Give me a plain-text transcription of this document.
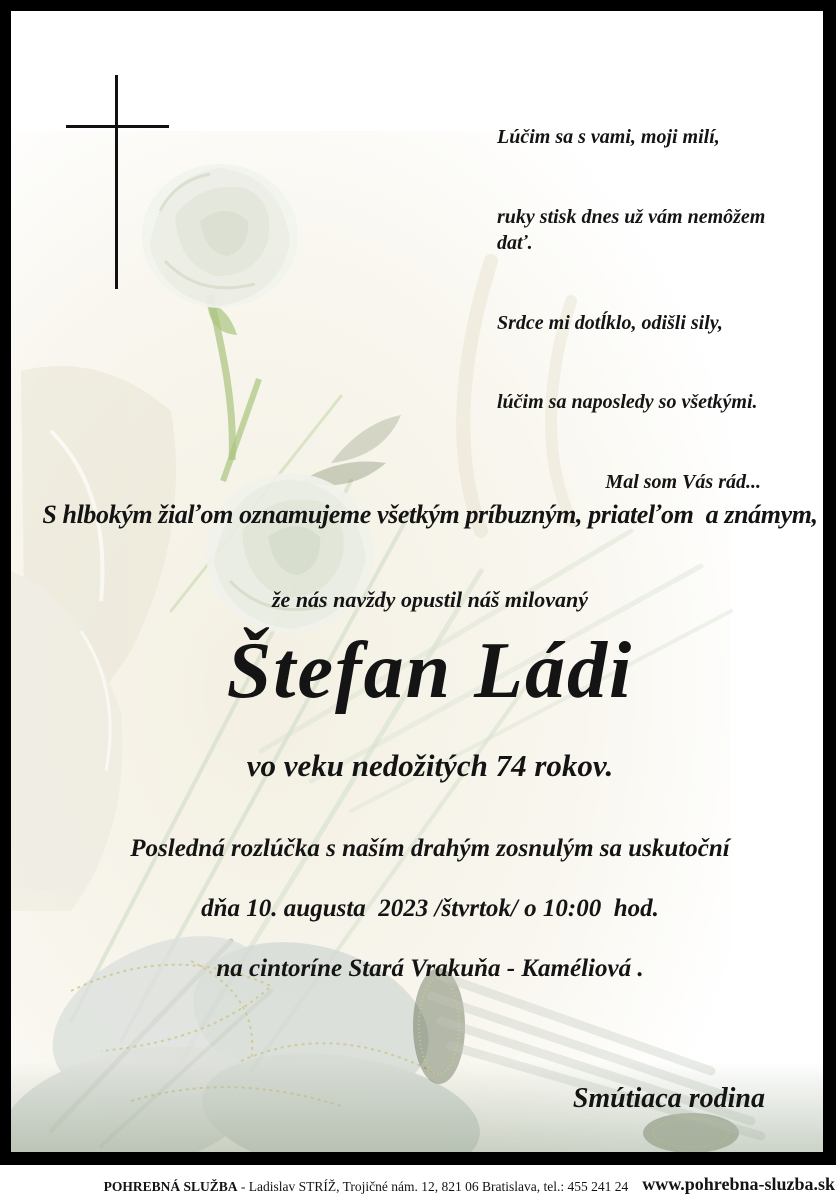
Lúčim sa s vami, moji milí,

ruky stisk dnes už vám nemôžem dať.

Srdce mi dotĺklo, odišli sily,

lúčim sa naposledy so všetkými.

Mal som Vás rád...

S hlbokým žiaľom oznamujeme všetkým príbuzným, priateľom  a známym,
že nás navždy opustil náš milovaný
Štefan Ládi
vo veku nedožitých 74 rokov.
Posledná rozlúčka s naším drahým zosnulým sa uskutoční
dňa 10. augusta  2023 /štvrtok/ o 10:00  hod.
na cintoríne Stará Vrakuňa - Kaméliová .
Smútiaca rodina
POHREBNÁ SLUŽBA - Ladislav STRÍŽ, Trojičné nám. 12, 821 06 Bratislava, tel.: 455 241 24 www.pohrebna-sluzba.sk
